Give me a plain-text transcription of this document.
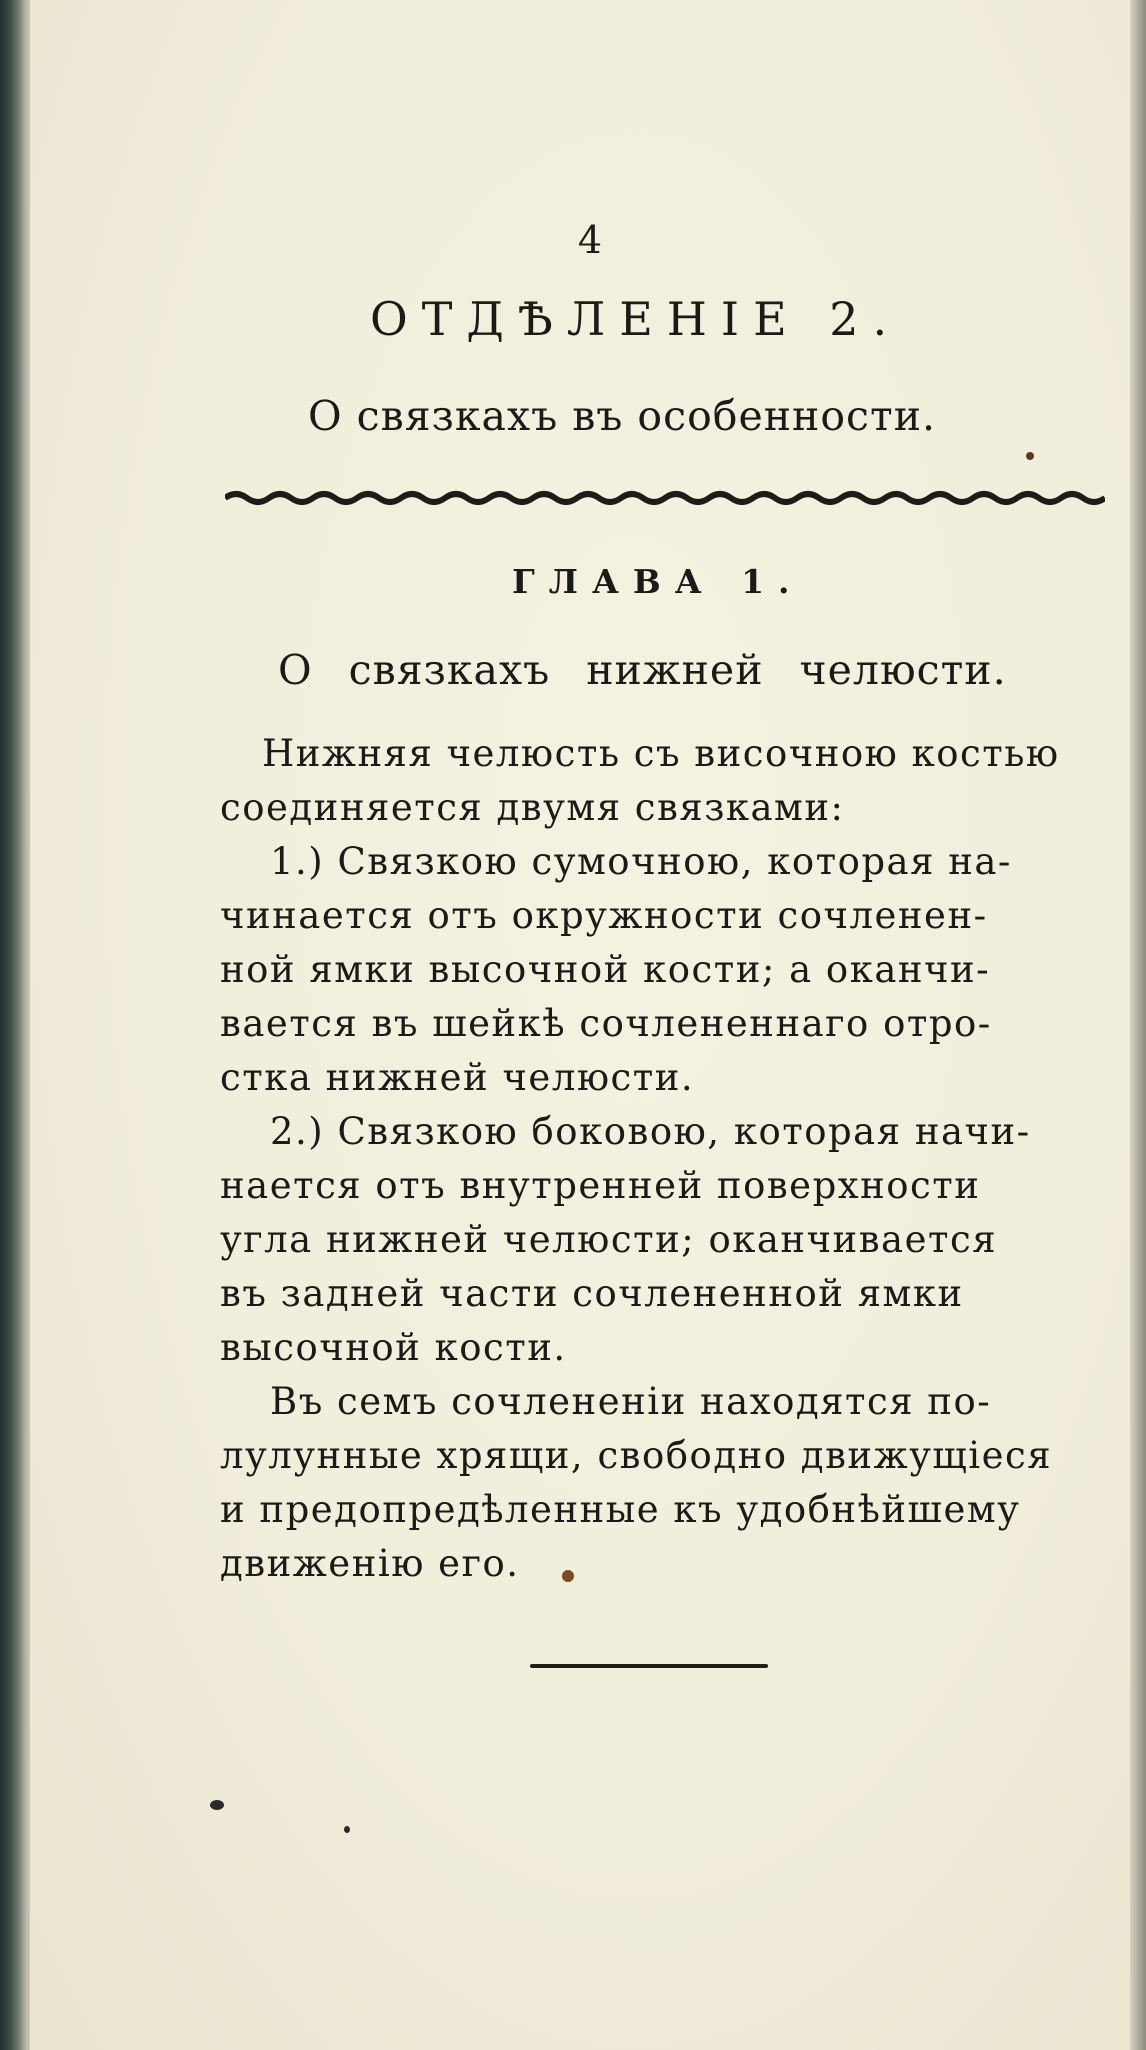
4
ОТДѢЛЕНІЕ 2.
О связкахъ въ особенности.
ГЛАВА 1.
О связкахъ нижней челюсти.
Нижняя челюсть съ височною костью
соединяется двумя связками:
1.) Связкою сумочною, которая на-
чинается отъ окружности сочленен-
ной ямки высочной кости; а оканчи-
вается въ шейкѣ сочлененнаго отро-
стка нижней челюсти.
2.) Связкою боковою, которая начи-
нается отъ внутренней поверхности
угла нижней челюсти; оканчивается
въ задней части сочлененной ямки
высочной кости.
Въ семъ сочлененіи находятся по-
лулунные хрящи, свободно движущіеся
и предопредѣленные къ удобнѣйшему
движенію его.
